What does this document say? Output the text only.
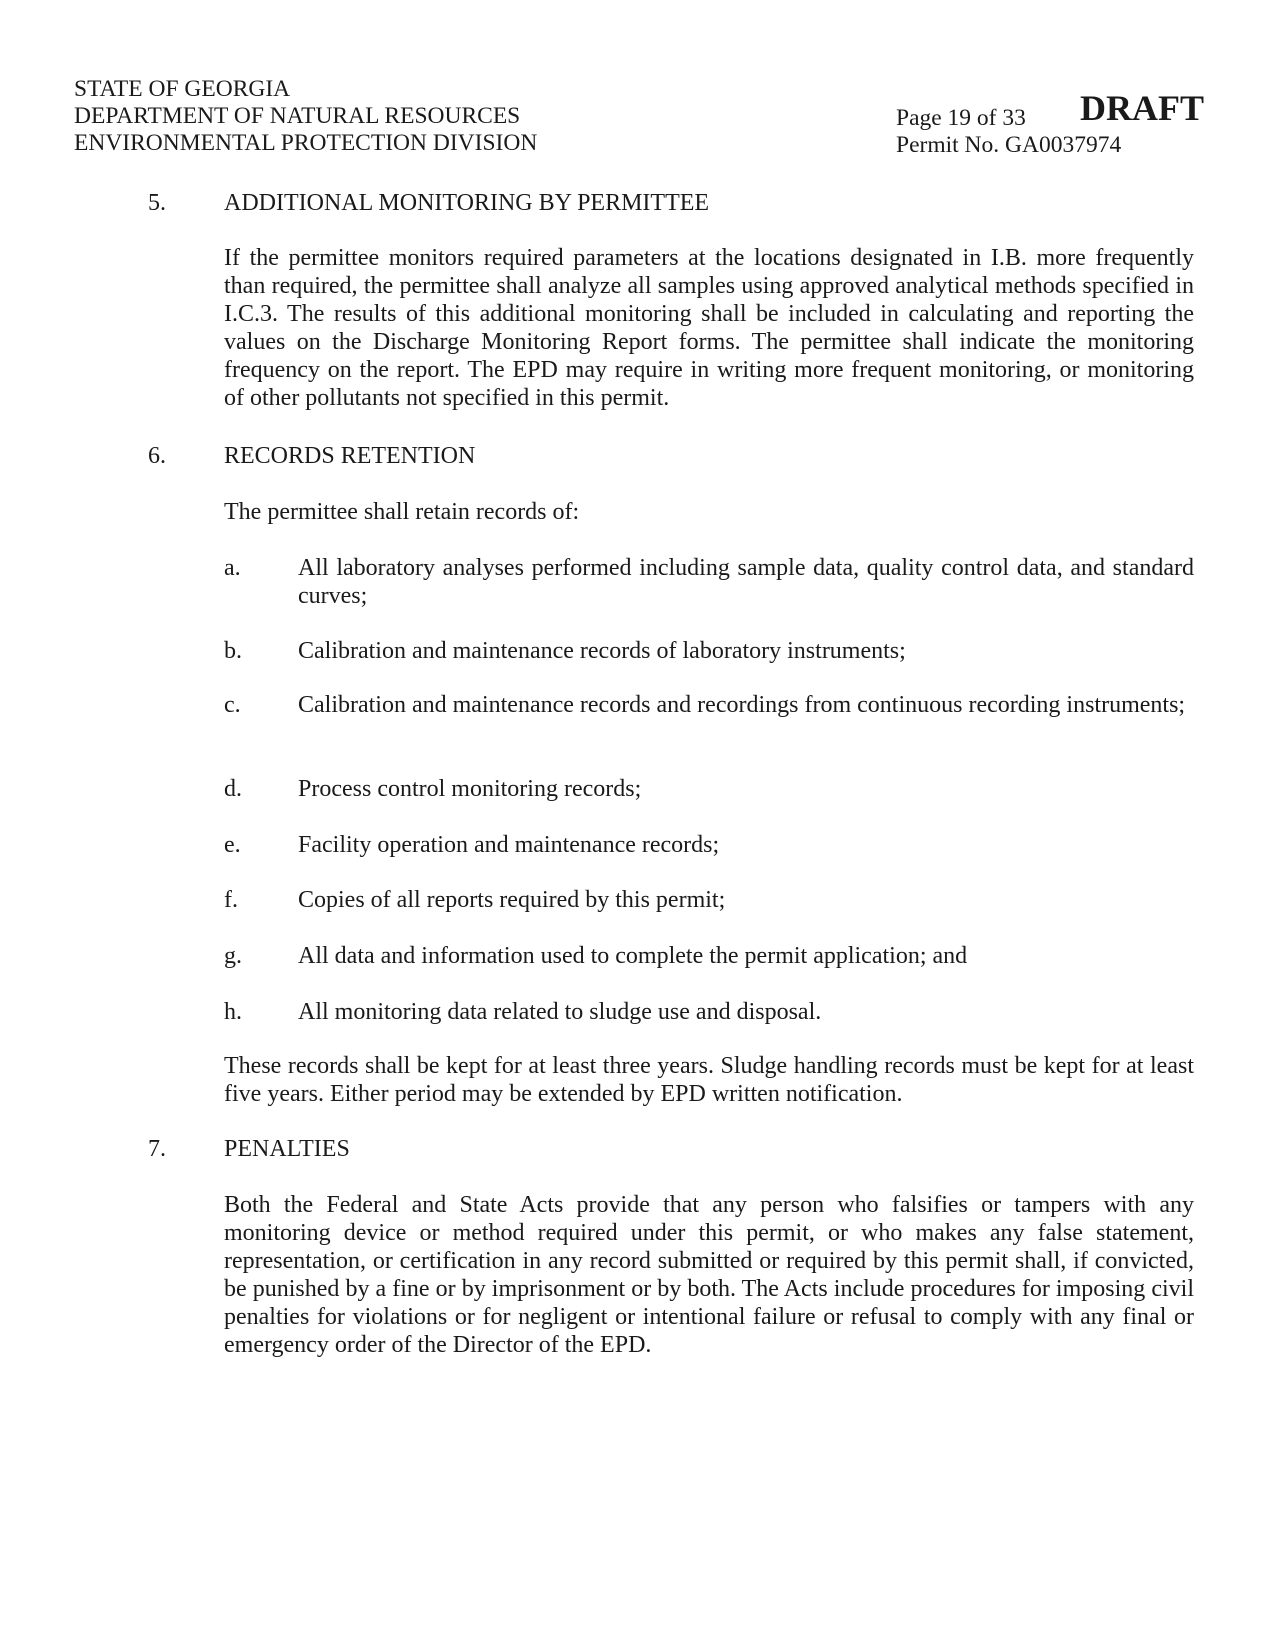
STATE OF GEORGIA
DEPARTMENT OF NATURAL RESOURCES
ENVIRONMENTAL PROTECTION DIVISION
Page 19 of 33
Permit No. GA0037974
DRAFT
5. ADDITIONAL MONITORING BY PERMITTEE
If the permittee monitors required parameters at the locations designated in I.B. more frequently than required, the permittee shall analyze all samples using approved analytical methods specified in I.C.3. The results of this additional monitoring shall be included in calculating and reporting the values on the Discharge Monitoring Report forms. The permittee shall indicate the monitoring frequency on the report. The EPD may require in writing more frequent monitoring, or monitoring of other pollutants not specified in this permit.
6. RECORDS RETENTION
The permittee shall retain records of:
a. All laboratory analyses performed including sample data, quality control data, and standard curves;
b. Calibration and maintenance records of laboratory instruments;
c. Calibration and maintenance records and recordings from continuous recording instruments;
d. Process control monitoring records;
e. Facility operation and maintenance records;
f.	Copies of all reports required by this permit;
g. All data and information used to complete the permit application; and
h. All monitoring data related to sludge use and disposal.
These records shall be kept for at least three years. Sludge handling records must be kept for at least five years. Either period may be extended by EPD written notification.
7. PENALTIES
Both the Federal and State Acts provide that any person who falsifies or tampers with any monitoring device or method required under this permit, or who makes any false statement, representation, or certification in any record submitted or required by this permit shall, if convicted, be punished by a fine or by imprisonment or by both. The Acts include procedures for imposing civil penalties for violations or for negligent or intentional failure or refusal to comply with any final or emergency order of the Director of the EPD.
